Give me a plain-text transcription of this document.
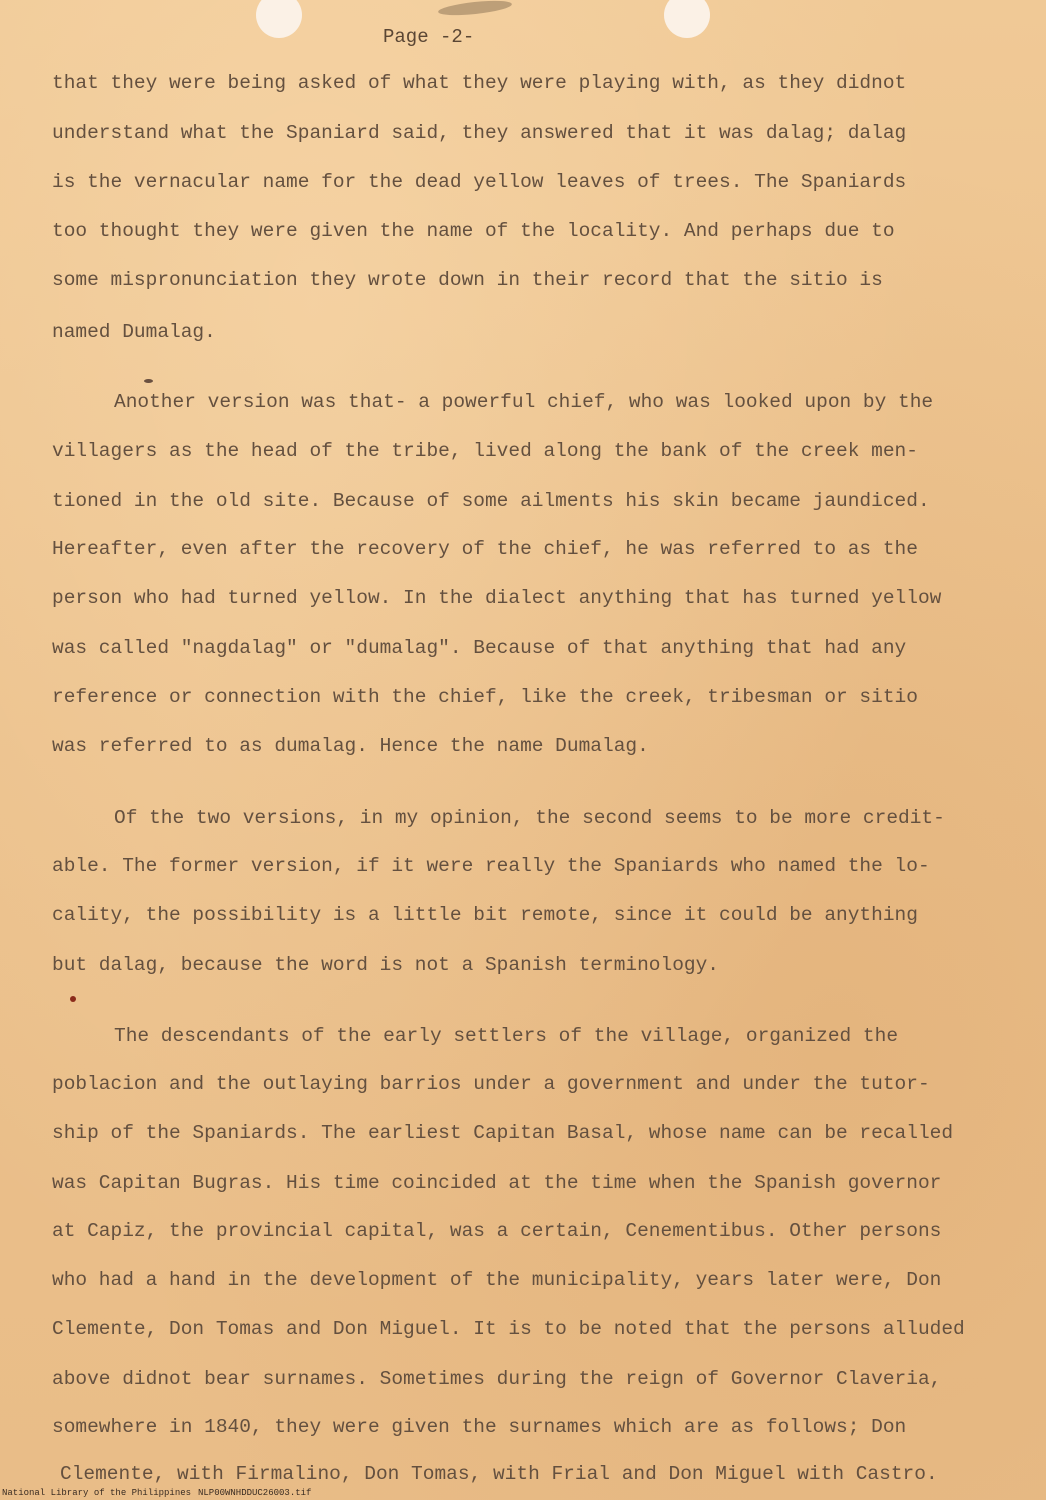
Page -2-
that they were being asked of what they were playing with, as they didnot
understand what the Spaniard said, they answered that it was dalag; dalag
is the vernacular name for the dead yellow leaves of trees. The Spaniards
too thought they were given the name of the locality. And perhaps due to
some mispronunciation they wrote down in their record that the sitio is
named Dumalag.
Another version was that- a powerful chief, who was looked upon by the
villagers as the head of the tribe, lived along the bank of the creek men-
tioned in the old site. Because of some ailments his skin became jaundiced.
Hereafter, even after the recovery of the chief, he was referred to as the
person who had turned yellow. In the dialect anything that has turned yellow
was called "nagdalag" or "dumalag". Because of that anything that had any
reference or connection with the chief, like the creek, tribesman or sitio
was referred to as dumalag. Hence the name Dumalag.
Of the two versions, in my opinion, the second seems to be more credit-
able. The former version, if it were really the Spaniards who named the lo-
cality, the possibility is a little bit remote, since it could be anything
but dalag, because the word is not a Spanish terminology.
The descendants of the early settlers of the village, organized the
poblacion and the outlaying barrios under a government and under the tutor-
ship of the Spaniards. The earliest Capitan Basal, whose name can be recalled
was Capitan Bugras. His time coincided at the time when the Spanish governor
at Capiz, the provincial capital, was a certain, Cenementibus. Other persons
who had a hand in the development of the municipality, years later were, Don
Clemente, Don Tomas and Don Miguel. It is to be noted that the persons alluded
above didnot bear surnames. Sometimes during the reign of Governor Claveria,
somewhere in 1840, they were given the surnames which are as follows; Don
Clemente, with Firmalino, Don Tomas, with Frial and Don Miguel with Castro.
National Library of the Philippines NLP00WNHDDUC26003.tif
